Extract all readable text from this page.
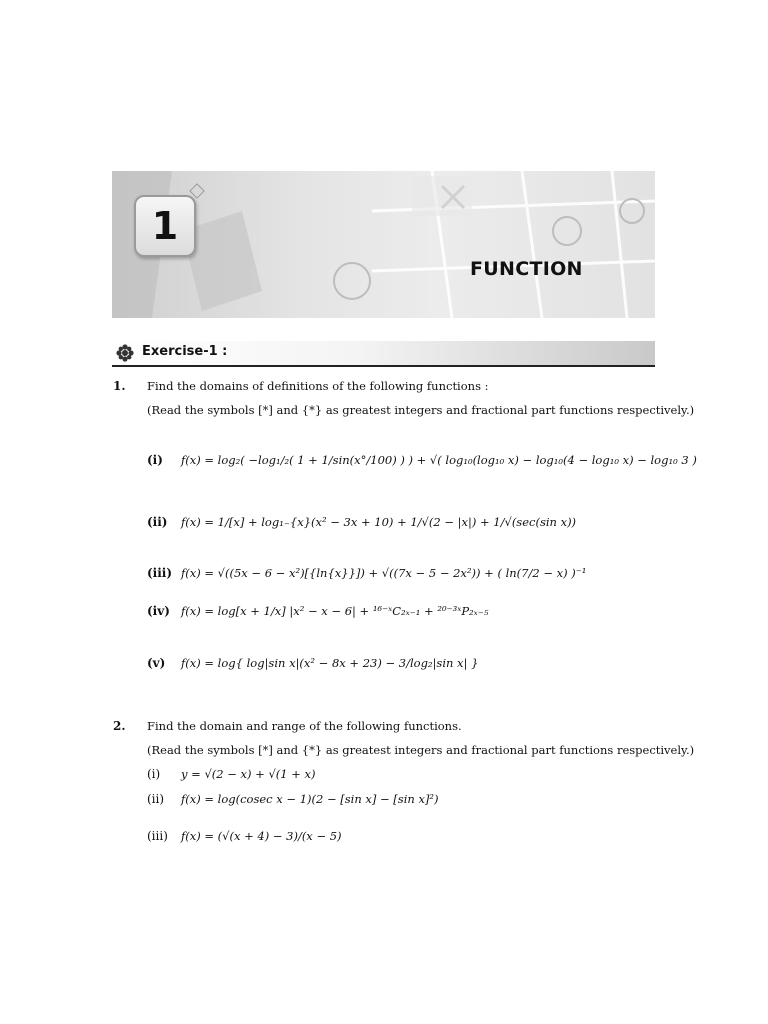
1
FUNCTION
Exercise-1 :
1. Find the domains of definitions of the following functions :
(Read the symbols [*] and {*} as greatest integers and fractional part functions respectively.)
(i) f(x) = log₂( −log₁/₂( 1 + 1/sin(x°/100) ) ) + √( log₁₀(log₁₀ x) − log₁₀(4 − log₁₀ x) − log₁₀ 3 )
(ii) f(x) = 1/[x] + log₁₋{x}(x² − 3x + 10) + 1/√(2 − |x|) + 1/√(sec(sin x))
(iii) f(x) = √((5x − 6 − x²)[{ln{x}}]) + √((7x − 5 − 2x²)) + ( ln(7/2 − x) )⁻¹
(iv) f(x) = log[x + 1/x] |x² − x − 6| + ¹⁶⁻ˣC₂ₓ₋₁ + ²⁰⁻³ˣP₂ₓ₋₅
(v) f(x) = log{ log|sin x|(x² − 8x + 23) − 3/log₂|sin x| }
2. Find the domain and range of the following functions.
(Read the symbols [*] and {*} as greatest integers and fractional part functions respectively.)
(i) y = √(2 − x) + √(1 + x)
(ii) f(x) = log(cosec x − 1)(2 − [sin x] − [sin x]²)
(iii) f(x) = (√(x + 4) − 3)/(x − 5)
